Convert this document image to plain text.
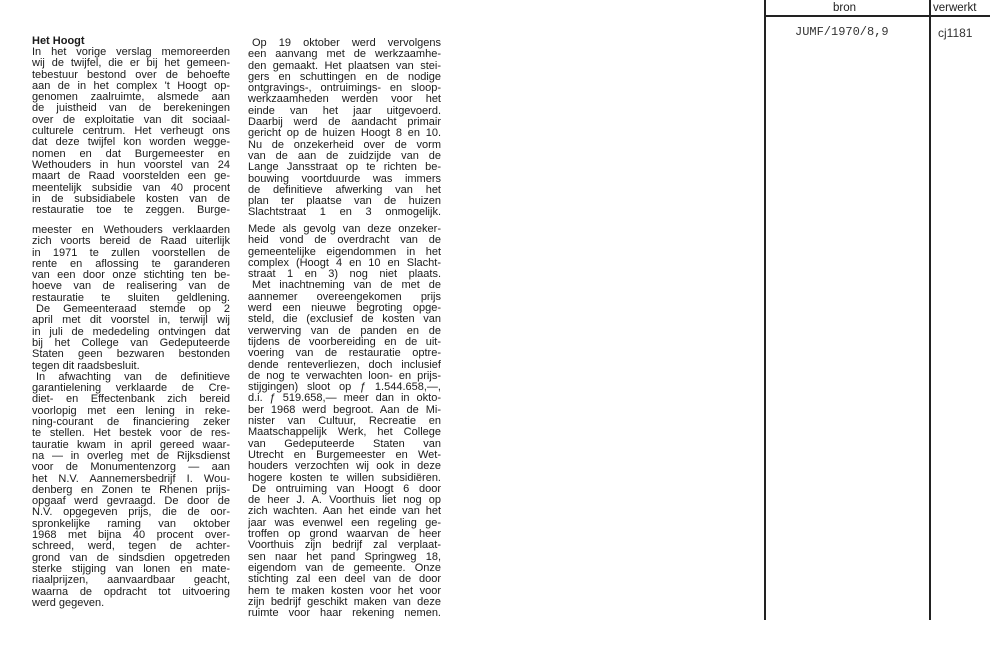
Het Hoogt
In het vorige verslag memoreerden
wij de twijfel, die er bij het gemeen-
tebestuur bestond over de behoefte
aan de in het complex 't Hoogt op-
genomen zaalruimte, alsmede aan
de juistheid van de berekeningen
over de exploitatie van dit sociaal-
culturele centrum. Het verheugt ons
dat deze twijfel kon worden wegge-
nomen en dat Burgemeester en
Wethouders in hun voorstel van 24
maart de Raad voorstelden een ge-
meentelijk subsidie van 40 procent
in de subsidiabele kosten van de
restauratie toe te zeggen. Burge-
meester en Wethouders verklaarden
zich voorts bereid de Raad uiterlijk
in 1971 te zullen voorstellen de
rente en aflossing te garanderen
van een door onze stichting ten be-
hoeve van de realisering van de
restauratie te sluiten geldlening.
De Gemeenteraad stemde op 2
april met dit voorstel in, terwijl wij
in juli de mededeling ontvingen dat
bij het College van Gedeputeerde
Staten geen bezwaren bestonden
tegen dit raadsbesluit.
In afwachting van de definitieve
garantielening verklaarde de Cre-
diet- en Effectenbank zich bereid
voorlopig met een lening in reke-
ning-courant de financiering zeker
te stellen. Het bestek voor de res-
tauratie kwam in april gereed waar-
na — in overleg met de Rijksdienst
voor de Monumentenzorg — aan
het N.V. Aannemersbedrijf I. Wou-
denberg en Zonen te Rhenen prijs-
opgaaf werd gevraagd. De door de
N.V. opgegeven prijs, die de oor-
spronkelijke raming van oktober
1968 met bijna 40 procent over-
schreed, werd, tegen de achter-
grond van de sindsdien opgetreden
sterke stijging van lonen en mate-
riaalprijzen, aanvaardbaar geacht,
waarna de opdracht tot uitvoering
werd gegeven.
Op 19 oktober werd vervolgens
een aanvang met de werkzaamhe-
den gemaakt. Het plaatsen van stei-
gers en schuttingen en de nodige
ontgravings-, ontruimings- en sloop-
werkzaamheden werden voor het
einde van het jaar uitgevoerd.
Daarbij werd de aandacht primair
gericht op de huizen Hoogt 8 en 10.
Nu de onzekerheid over de vorm
van de aan de zuidzijde van de
Lange Jansstraat op te richten be-
bouwing voortduurde was immers
de definitieve afwerking van het
plan ter plaatse van de huizen
Slachtstraat 1 en 3 onmogelijk.
Mede als gevolg van deze onzeker-
heid vond de overdracht van de
gemeentelijke eigendommen in het
complex (Hoogt 4 en 10 en Slacht-
straat 1 en 3) nog niet plaats.
Met inachtneming van de met de
aannemer overeengekomen prijs
werd een nieuwe begroting opge-
steld, die (exclusief de kosten van
verwerving van de panden en de
tijdens de voorbereiding en de uit-
voering van de restauratie optre-
dende renteverliezen, doch inclusief
de nog te verwachten loon- en prijs-
stijgingen) sloot op ƒ 1.544.658,—,
d.i. ƒ 519.658,— meer dan in okto-
ber 1968 werd begroot. Aan de Mi-
nister van Cultuur, Recreatie en
Maatschappelijk Werk, het College
van Gedeputeerde Staten van
Utrecht en Burgemeester en Wet-
houders verzochten wij ook in deze
hogere kosten te willen subsidiëren.
De ontruiming van Hoogt 6 door
de heer J. A. Voorthuis liet nog op
zich wachten. Aan het einde van het
jaar was evenwel een regeling ge-
troffen op grond waarvan de heer
Voorthuis zijn bedrijf zal verplaat-
sen naar het pand Springweg 18,
eigendom van de gemeente. Onze
stichting zal een deel van de door
hem te maken kosten voor het voor
zijn bedrijf geschikt maken van deze
ruimte voor haar rekening nemen.
bron	verwerkt
JUMF/1970/8,9	cj1181
